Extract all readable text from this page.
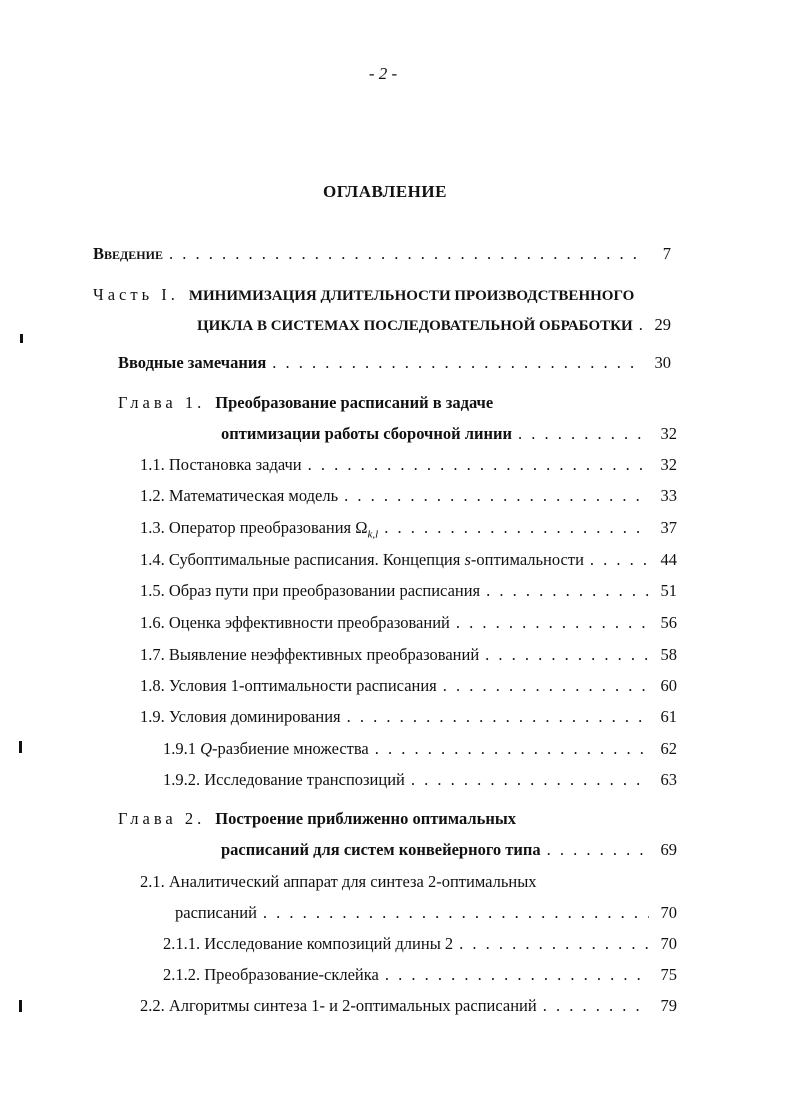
- 2 -
ОГЛАВЛЕНИЕ
Введение . . .	7
Часть I. МИНИМИЗАЦИЯ ДЛИТЕЛЬНОСТИ ПРОИЗВОДСТВЕННОГО
ЦИКЛА В СИСТЕМАХ ПОСЛЕДОВАТЕЛЬНОЙ ОБРАБОТКИ . . .	29
Вводные замечания . . .	30
Глава 1. Преобразование расписаний в задаче
оптимизации работы сборочной линии . . .	32
1.1. Постановка задачи . . .	32
1.2. Математическая модель . . .	33
1.3. Оператор преобразования $\Omega_{k,l}$ . . .	37
1.4. Субоптимальные расписания. Концепция s-оптимальности . . .	44
1.5. Образ пути при преобразовании расписания . . .	51
1.6. Оценка эффективности преобразований . . .	56
1.7. Выявление неэффективных преобразований . . .	58
1.8. Условия 1-оптимальности расписания . . .	60
1.9. Условия доминирования . . .	61
1.9.1 Q-разбиение множества . . .	62
1.9.2. Исследование транспозиций . . .	63
Глава 2. Построение приближенно оптимальных
расписаний для систем конвейерного типа . . .	69
2.1. Аналитический аппарат для синтеза 2-оптимальных
расписаний . . .	70
2.1.1. Исследование композиций длины 2 . . .	70
2.1.2. Преобразование-склейка . . .	75
2.2. Алгоритмы синтеза 1- и 2-оптимальных расписаний . . .	79
